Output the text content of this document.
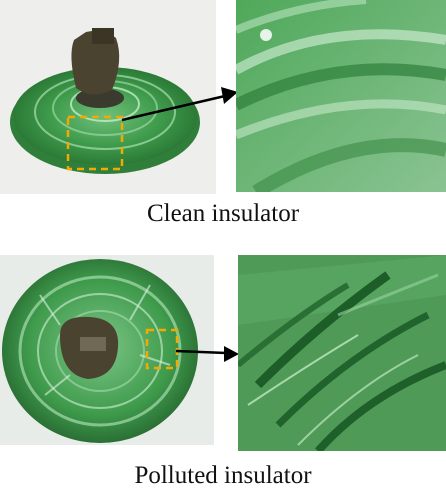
Clean insulator
Polluted insulator
